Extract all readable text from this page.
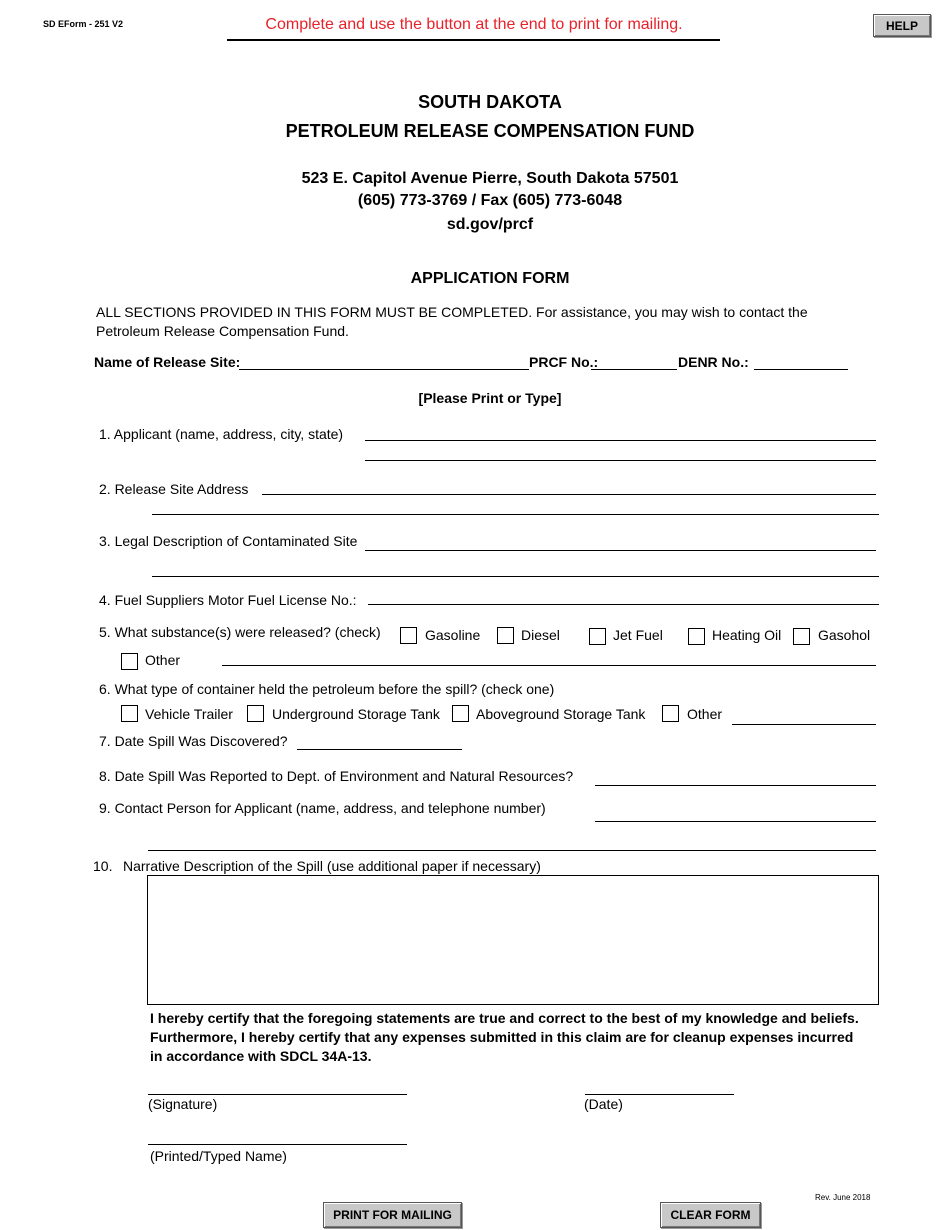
SD EForm - 251 V2	Complete and use the button at the end to print for mailing.	HELP
SOUTH DAKOTA
PETROLEUM RELEASE COMPENSATION FUND
523 E. Capitol Avenue Pierre, South Dakota 57501
(605) 773-3769 / Fax (605) 773-6048
sd.gov/prcf
APPLICATION FORM
ALL SECTIONS PROVIDED IN THIS FORM MUST BE COMPLETED. For assistance, you may wish to contact the Petroleum Release Compensation Fund.
Name of Release Site:	PRCF No.:	DENR No.:
[Please Print or Type]
1. Applicant (name, address, city, state)
2. Release Site Address
3. Legal Description of Contaminated Site
4. Fuel Suppliers Motor Fuel License No.:
5. What substance(s) were released? (check)	Gasoline	Diesel	Jet Fuel	Heating Oil	Gasohol
Other
6. What type of container held the petroleum before the spill? (check one)
Vehicle Trailer	Underground Storage Tank	Aboveground Storage Tank	Other
7. Date Spill Was Discovered?
8. Date Spill Was Reported to Dept. of Environment and Natural Resources?
9. Contact Person for Applicant (name, address, and telephone number)
10. Narrative Description of the Spill (use additional paper if necessary)
I hereby certify that the foregoing statements are true and correct to the best of my knowledge and beliefs. Furthermore, I hereby certify that any expenses submitted in this claim are for cleanup expenses incurred in accordance with SDCL 34A-13.
(Signature)	(Date)
(Printed/Typed Name)
Rev. June 2018
PRINT FOR MAILING	CLEAR FORM
